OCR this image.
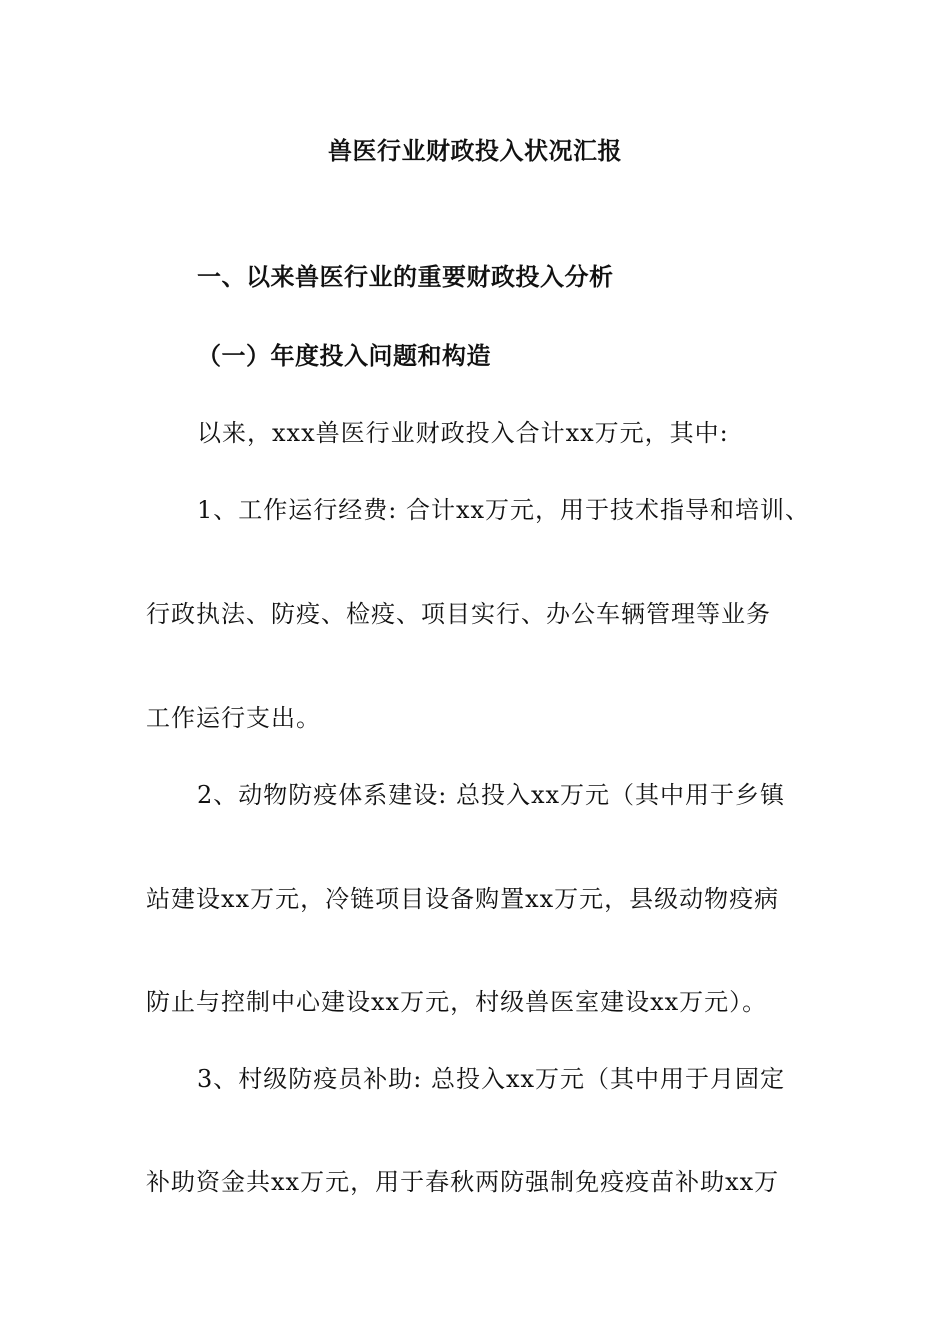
兽医行业财政投入状况汇报
一、以来兽医行业的重要财政投入分析
（一）年度投入问题和构造
以来，xxx兽医行业财政投入合计xx万元，其中:
1、工作运行经费: 合计xx万元，用于技术指导和培训、
行政执法、防疫、检疫、项目实行、办公车辆管理等业务
工作运行支出。
2、动物防疫体系建设: 总投入xx万元（其中用于乡镇
站建设xx万元，冷链项目设备购置xx万元，县级动物疫病
防止与控制中心建设xx万元，村级兽医室建设xx万元）。
3、村级防疫员补助: 总投入xx万元（其中用于月固定
补助资金共xx万元，用于春秋两防强制免疫疫苗补助xx万
